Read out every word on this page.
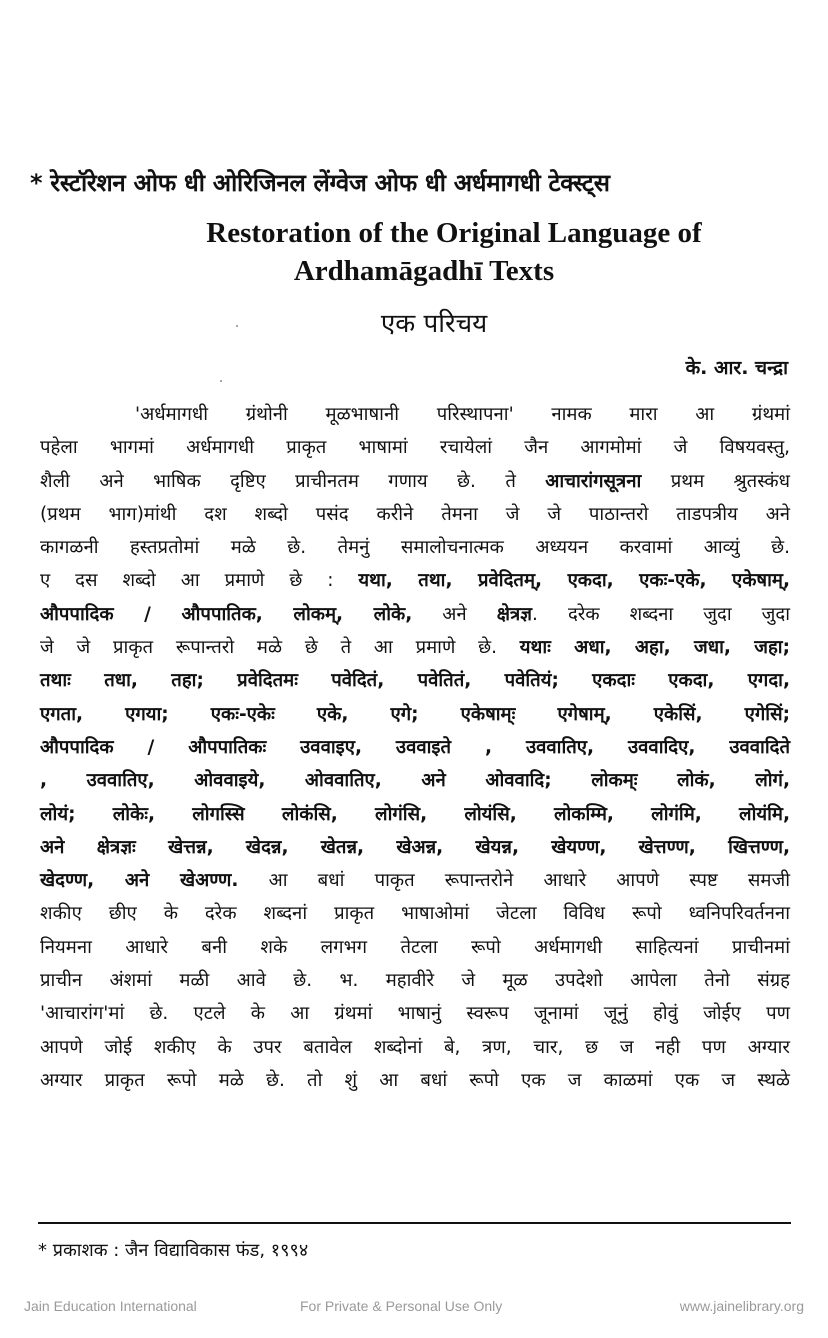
* रेस्टॉरेशन ओफ धी ओरिजिनल लेंग्वेज ओफ धी अर्धमागधी टेक्स्ट्स
Restoration of the Original Language of
Ardhamāgadhī Texts
एक परिचय
के. आर. चन्द्रा
'अर्धमागधी ग्रंथोनी मूळभाषानी परिस्थापना' नामक मारा आ ग्रंथमां
पहेला भागमां अर्धमागधी प्राकृत भाषामां रचायेलां जैन आगमोमां जे विषयवस्तु,
शैली अने भाषिक दृष्टिए प्राचीनतम गणाय छे. ते आचारांगसूत्रना प्रथम श्रुतस्कंध
(प्रथम भाग)मांथी दश शब्दो पसंद करीने तेमना जे जे पाठान्तरो ताडपत्रीय अने
कागळनी हस्तप्रतोमां मळे छे. तेमनुं समालोचनात्मक अध्ययन करवामां आव्युं छे.
ए दस शब्दो आ प्रमाणे छे : यथा, तथा, प्रवेदितम्, एकदा, एकः-एके, एकेषाम्,
औपपादिक / औपपातिक, लोकम्, लोके, अने क्षेत्रज्ञ. दरेक शब्दना जुदा जुदा
जे जे प्राकृत रूपान्तरो मळे छे ते आ प्रमाणे छे. यथाः अधा, अहा, जधा, जहा;
तथाः तधा, तहा; प्रवेदितमः पवेदितं, पवेतितं, पवेतियं; एकदाः एकदा, एगदा,
एगता, एगया; एकः-एकेः एके, एगे; एकेषाम्ः एगेषाम्, एकेसिं, एगेसिं;
औपपादिक / औपपातिकः उववाइए, उववाइते , उववातिए, उववादिए, उववादिते
, उववातिए, ओववाइये, ओववातिए, अने ओववादि; लोकम्ः लोकं, लोगं,
लोयं; लोकेः, लोगस्सि लोकंसि, लोगंसि, लोयंसि, लोकम्मि, लोगंमि, लोयंमि,
अने क्षेत्रज्ञः खेत्तन्न, खेदन्न, खेतन्न, खेअन्न, खेयन्न, खेयण्ण, खेत्तण्ण, खित्तण्ण,
खेदण्ण, अने खेअण्ण. आ बधां पाकृत रूपान्तरोने आधारे आपणे स्पष्ट समजी
शकीए छीए के दरेक शब्दनां प्राकृत भाषाओमां जेटला विविध रूपो ध्वनिपरिवर्तनना
नियमना आधारे बनी शके लगभग तेटला रूपो अर्धमागधी साहित्यनां प्राचीनमां
प्राचीन अंशमां मळी आवे छे. भ. महावीरे जे मूळ उपदेशो आपेला तेनो संग्रह
'आचारांग'मां छे. एटले के आ ग्रंथमां भाषानुं स्वरूप जूनामां जूनुं होवुं जोईए पण
आपणे जोई शकीए के उपर बतावेल शब्दोनां बे, त्रण, चार, छ ज नही पण अग्यार
अग्यार प्राकृत रूपो मळे छे. तो शुं आ बधां रूपो एक ज काळमां एक ज स्थळे
* प्रकाशक : जैन विद्याविकास फंड, १९९४
Jain Education International	For Private & Personal Use Only	www.jainelibrary.org
